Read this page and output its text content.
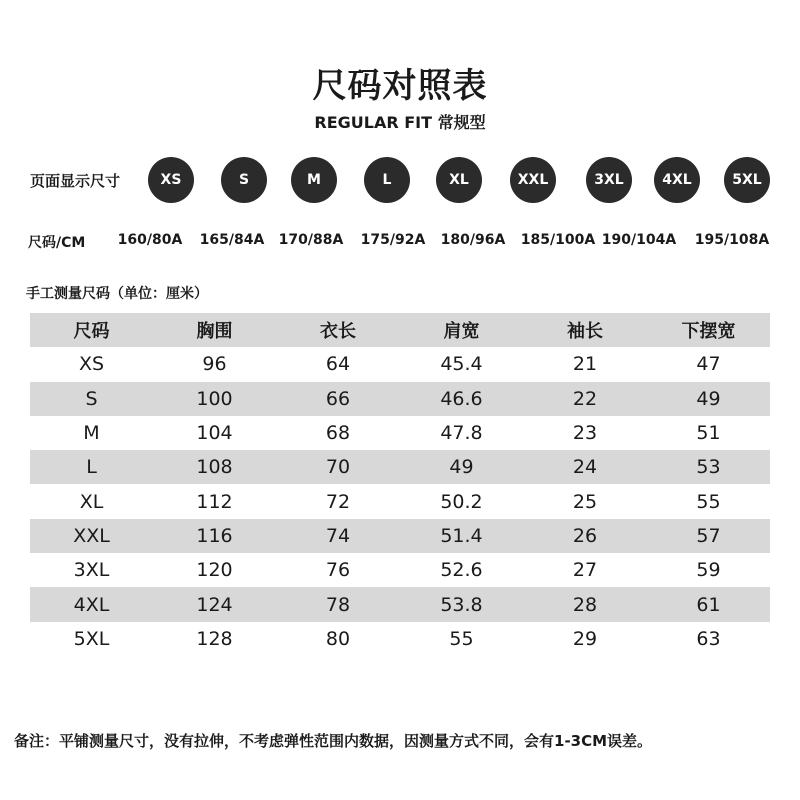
尺码对照表
REGULAR FIT 常规型
页面显示尺寸	XS	S	M	L	XL	XXL	3XL	4XL	5XL
尺码/CM	160/80A	165/84A	170/88A	175/92A	180/96A	185/100A 190/104A	195/108A
手工测量尺码（单位：厘米）
尺码	胸围	衣长	肩宽	袖长	下摆宽
XS	96	64	45.4	21	47
S	100	66	46.6	22	49
M	104	68	47.8	23	51
L	108	70	49	24	53
XL	112	72	50.2	25	55
XXL	116	74	51.4	26	57
3XL	120	76	52.6	27	59
4XL	124	78	53.8	28	61
5XL	128	80	55	29	63
备注：平铺测量尺寸，没有拉伸，不考虑弹性范围内数据，因测量方式不同，会有1-3CM误差。
